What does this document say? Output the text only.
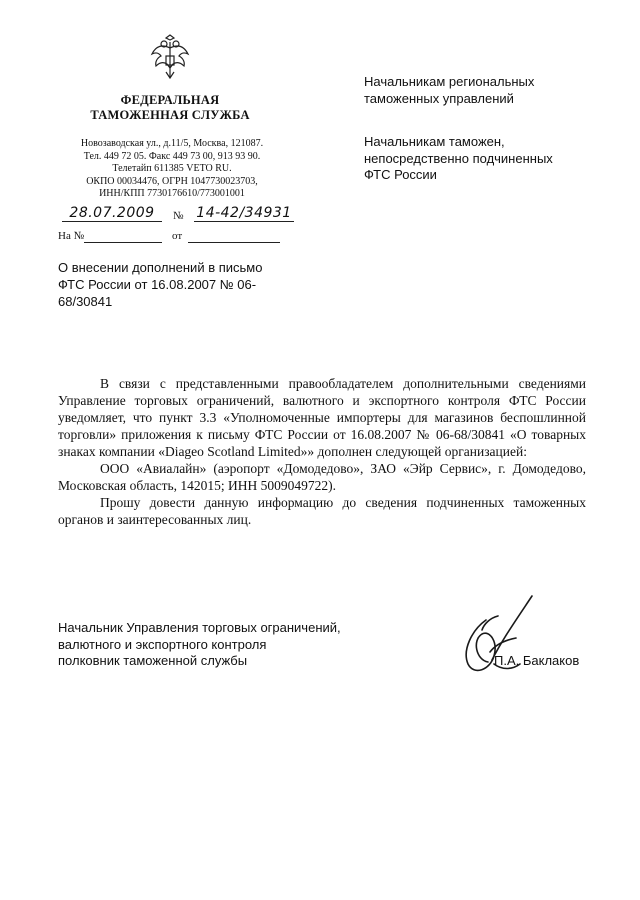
ФЕДЕРАЛЬНАЯ
ТАМОЖЕННАЯ СЛУЖБА
Новозаводская ул., д.11/5, Москва, 121087.
Тел. 449 72 05. Факс 449 73 00, 913 93 90.
Телетайп 611385 VETO RU.
ОКПО 00034476, ОГРН 1047730023703,
ИНН/КПП 7730176610/773001001
28.07.2009	№ 14-42/34931
На №	от
Начальникам региональных
таможенных управлений
Начальникам таможен,
непосредственно подчиненных
ФТС России
О внесении дополнений в письмо
ФТС России от 16.08.2007 № 06-
68/30841

В связи с представленными правообладателем дополнительными сведениями Управление торговых ограничений, валютного и экспортного контроля ФТС России уведомляет, что пункт 3.3 «Уполномоченные импортеры для магазинов беспошлинной торговли» приложения к письму ФТС России от 16.08.2007 № 06-68/30841 «О товарных знаках компании «Diageo Scotland Limited»» дополнен следующей организацией:

ООО «Авиалайн» (аэропорт «Домодедово», ЗАО «Эйр Сервис», г. Домодедово, Московская область, 142015; ИНН 5009049722).

Прошу довести данную информацию до сведения подчиненных таможенных органов и заинтересованных лиц.

Начальник Управления торговых ограничений,
валютного и экспортного контроля
полковник таможенной службы	П.А. Баклаков
